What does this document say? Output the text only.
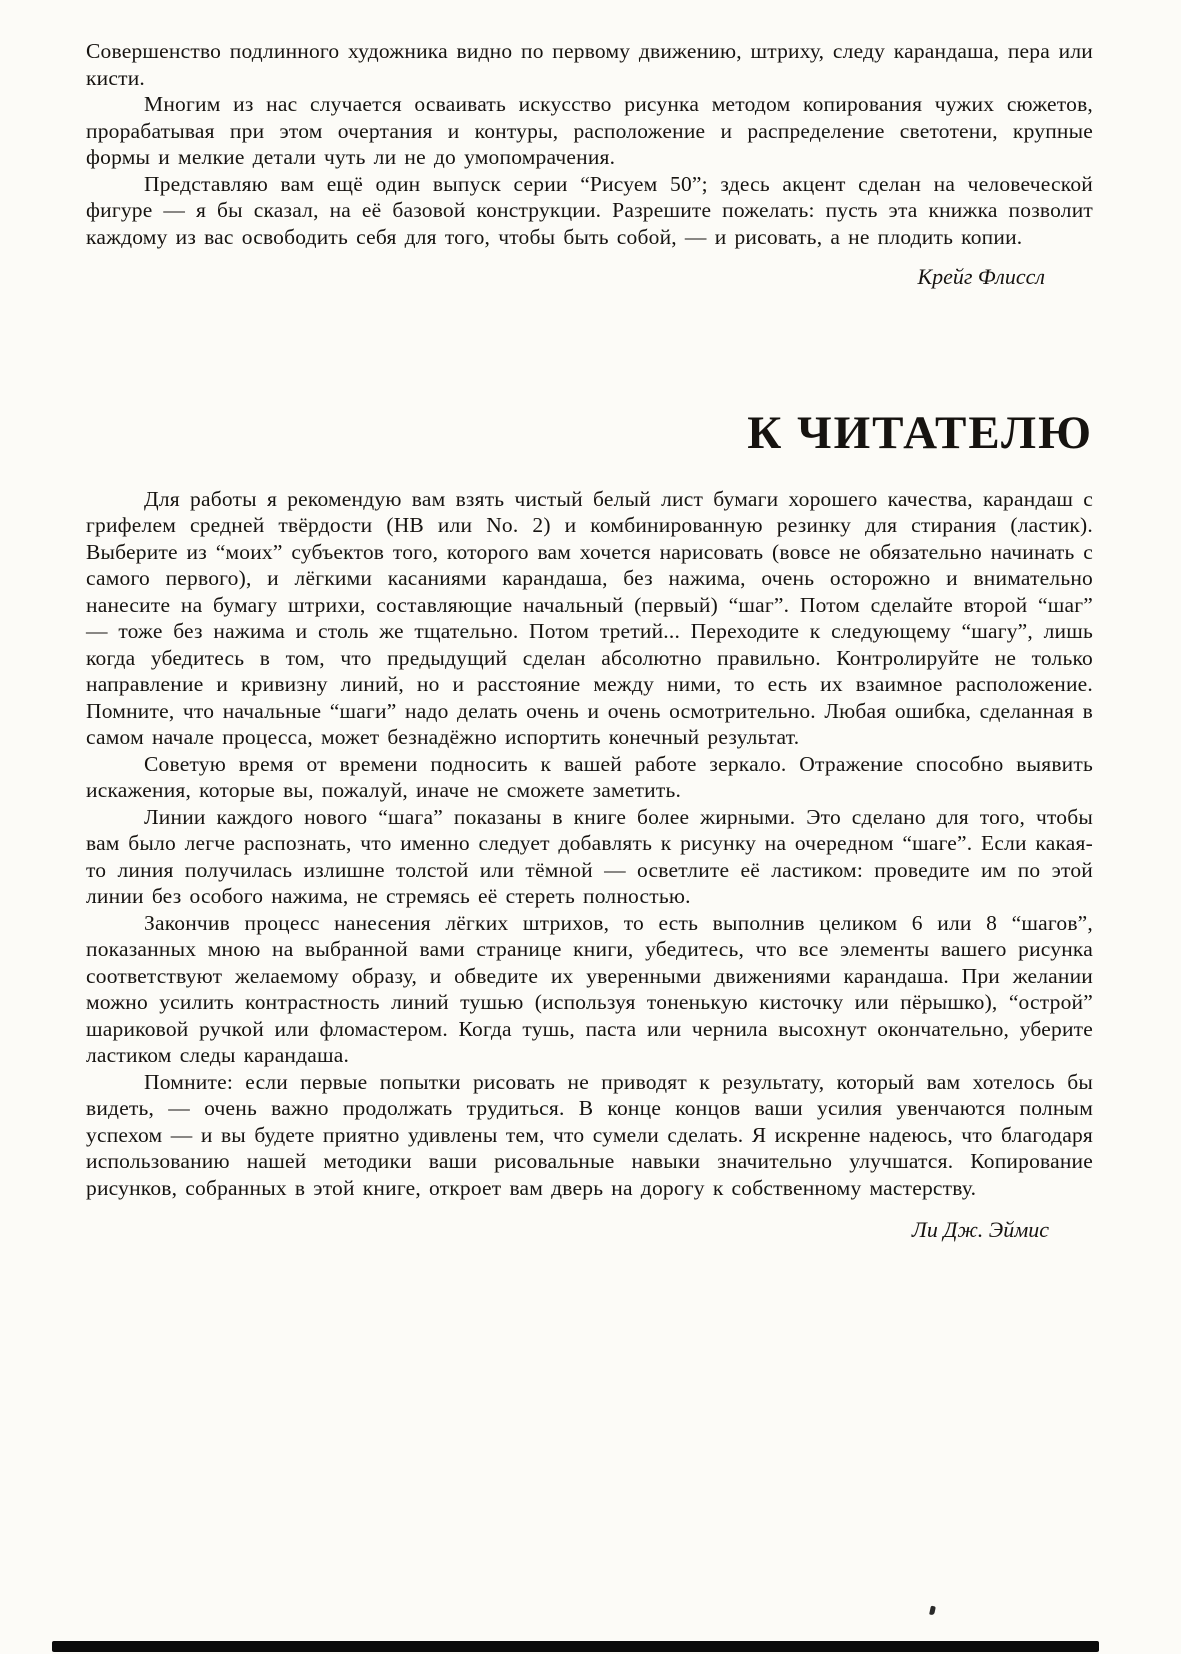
Совершенство подлинного художника видно по первому движению, штриху, следу карандаша, пера или кисти.

Многим из нас случается осваивать искусство рисунка методом копирования чужих сюжетов, прорабатывая при этом очертания и контуры, расположение и распределение светотени, крупные формы и мелкие детали чуть ли не до умопомрачения.

Представляю вам ещё один выпуск серии “Рисуем 50”; здесь акцент сделан на человеческой фигуре — я бы сказал, на её базовой конструкции. Разрешите пожелать: пусть эта книжка позволит каждому из вас освободить себя для того, чтобы быть собой, — и рисовать, а не плодить копии.

Крейг Флиссл
К ЧИТАТЕЛЮ

Для работы я рекомендую вам взять чистый белый лист бумаги хорошего качества, карандаш с грифелем средней твёрдости (НВ или No. 2) и комбинированную резинку для стирания (ластик). Выберите из “моих” субъектов того, которого вам хочется нарисовать (вовсе не обязательно начинать с самого первого), и лёгкими касаниями карандаша, без нажима, очень осторожно и внимательно нанесите на бумагу штрихи, составляющие начальный (первый) “шаг”. Потом сделайте второй “шаг” — тоже без нажима и столь же тщательно. Потом третий... Переходите к следующему “шагу”, лишь когда убедитесь в том, что предыдущий сделан абсолютно правильно. Контролируйте не только направление и кривизну линий, но и расстояние между ними, то есть их взаимное расположение. Помните, что начальные “шаги” надо делать очень и очень осмотрительно. Любая ошибка, сделанная в самом начале процесса, может безнадёжно испортить конечный результат.

Советую время от времени подносить к вашей работе зеркало. Отражение способно выявить искажения, которые вы, пожалуй, иначе не сможете заметить.

Линии каждого нового “шага” показаны в книге более жирными. Это сделано для того, чтобы вам было легче распознать, что именно следует добавлять к рисунку на очередном “шаге”. Если какая-то линия получилась излишне толстой или тёмной — осветлите её ластиком: проведите им по этой линии без особого нажима, не стремясь её стереть полностью.

Закончив процесс нанесения лёгких штрихов, то есть выполнив целиком 6 или 8 “шагов”, показанных мною на выбранной вами странице книги, убедитесь, что все элементы вашего рисунка соответствуют желаемому образу, и обведите их уверенными движениями карандаша. При желании можно усилить контрастность линий тушью (используя тоненькую кисточку или пёрышко), “острой” шариковой ручкой или фломастером. Когда тушь, паста или чернила высохнут окончательно, уберите ластиком следы карандаша.

Помните: если первые попытки рисовать не приводят к результату, который вам хотелось бы видеть, — очень важно продолжать трудиться. В конце концов ваши усилия увенчаются полным успехом — и вы будете приятно удивлены тем, что сумели сделать. Я искренне надеюсь, что благодаря использованию нашей методики ваши рисовальные навыки значительно улучшатся. Копирование рисунков, собранных в этой книге, откроет вам дверь на дорогу к собственному мастерству.

Ли Дж. Эймис
